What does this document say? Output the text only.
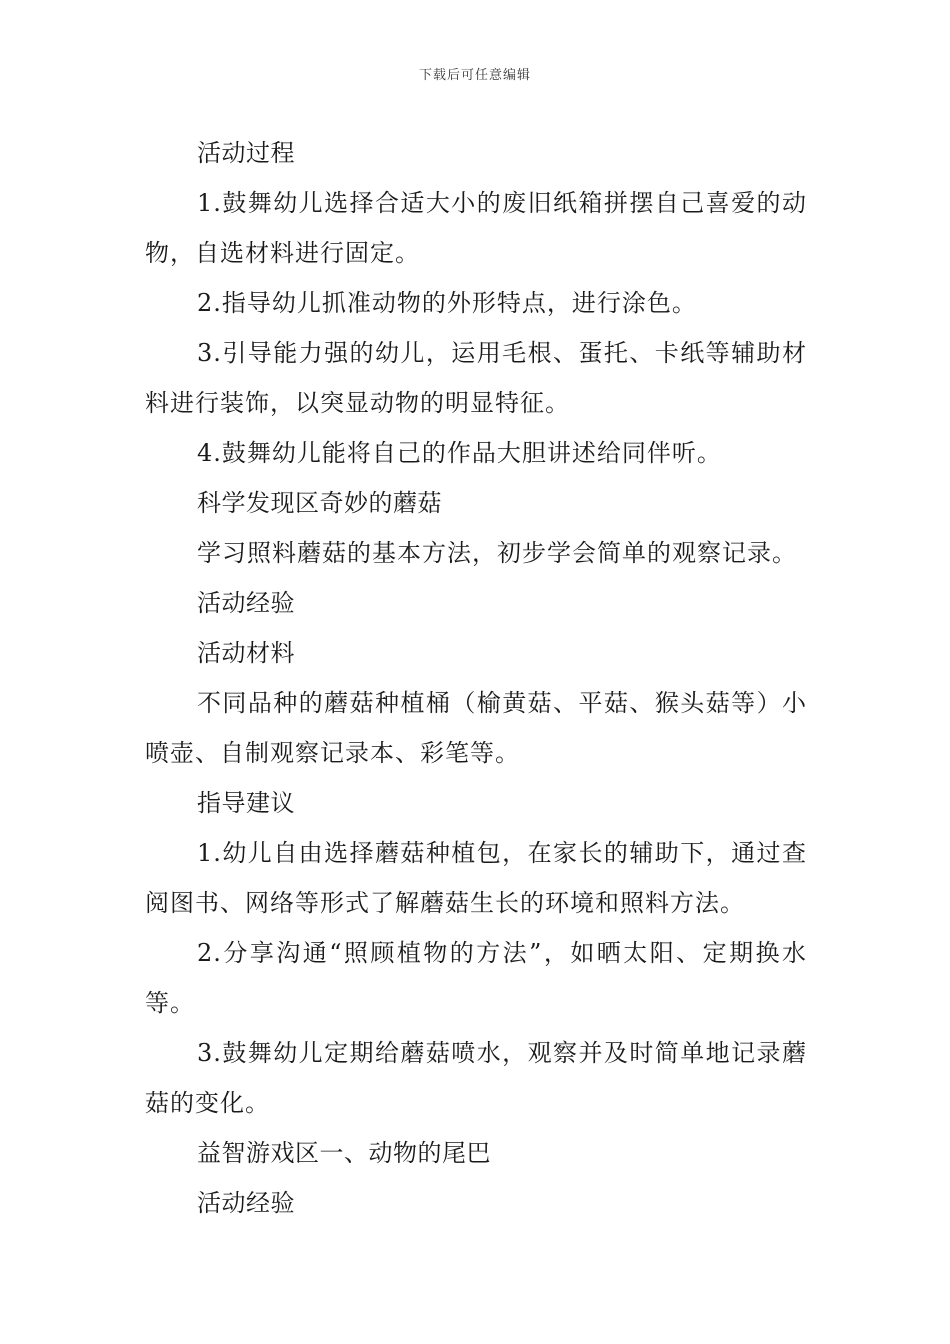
下载后可任意编辑

活动过程

1.鼓舞幼儿选择合适大小的废旧纸箱拼摆自己喜爱的动物，自选材料进行固定。

2.指导幼儿抓准动物的外形特点，进行涂色。

3.引导能力强的幼儿，运用毛根、蛋托、卡纸等辅助材料进行装饰，以突显动物的明显特征。

4.鼓舞幼儿能将自己的作品大胆讲述给同伴听。

科学发现区奇妙的蘑菇

学习照料蘑菇的基本方法，初步学会简单的观察记录。

活动经验

活动材料

不同品种的蘑菇种植桶（榆黄菇、平菇、猴头菇等）小喷壶、自制观察记录本、彩笔等。

指导建议

1.幼儿自由选择蘑菇种植包，在家长的辅助下，通过查阅图书、网络等形式了解蘑菇生长的环境和照料方法。

2.分享沟通“照顾植物的方法”，如晒太阳、定期换水等。

3.鼓舞幼儿定期给蘑菇喷水，观察并及时简单地记录蘑菇的变化。

益智游戏区一、动物的尾巴

活动经验
